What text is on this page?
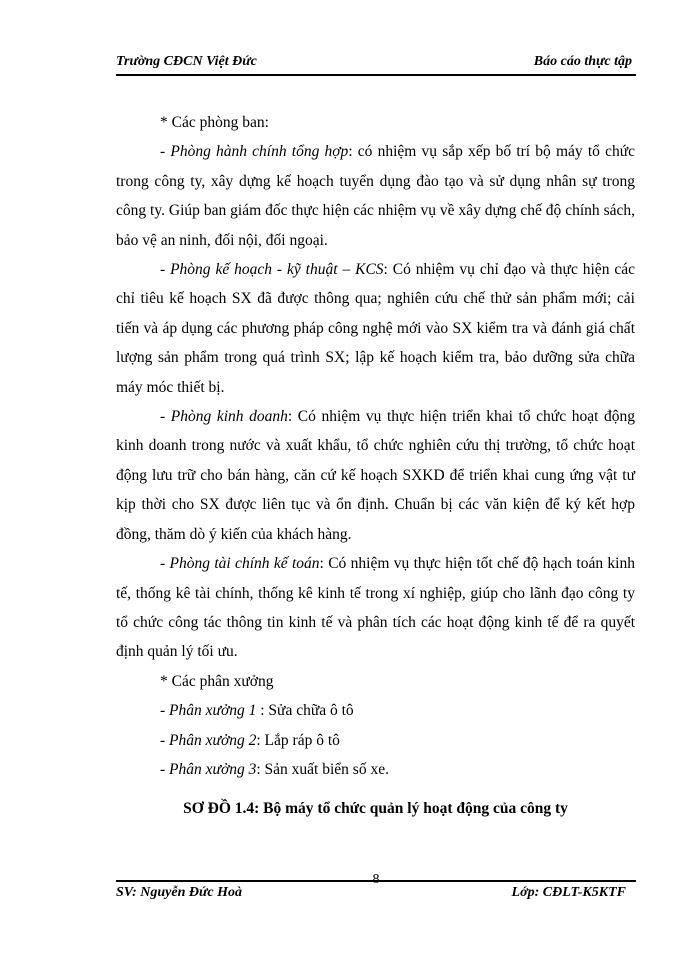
Trường CĐCN Việt Đức	Báo cáo thực tập

* Các phòng ban:

- Phòng hành chính tổng hợp: có nhiệm vụ sắp xếp bố trí bộ máy tổ chức trong công ty, xây dựng kế hoạch tuyển dụng đào tạo và sử dụng nhân sự trong công ty. Giúp ban giám đốc thực hiện các nhiệm vụ về xây dựng chế độ chính sách, bảo vệ an ninh, đối nội, đối ngoại.

- Phòng kế hoạch - kỹ thuật – KCS: Có nhiệm vụ chỉ đạo và thực hiện các chỉ tiêu kế hoạch SX đã được thông qua; nghiên cứu chế thử sản phẩm mới; cải tiến và áp dụng các phương pháp công nghệ mới vào SX kiểm tra và đánh giá chất lượng sản phẩm trong quá trình SX; lập kế hoạch kiểm tra, bảo dưỡng sửa chữa máy móc thiết bị.

- Phòng kinh doanh: Có nhiệm vụ thực hiện triển khai tổ chức hoạt động kinh doanh trong nước và xuất khẩu, tổ chức nghiên cứu thị trường, tổ chức hoạt động lưu trữ cho bán hàng, căn cứ kế hoạch SXKD để triển khai cung ứng vật tư kịp thời cho SX được liên tục và ổn định. Chuẩn bị các văn kiện để ký kết hợp đồng, thăm dò ý kiến của khách hàng.

- Phòng tài chính kế toán: Có nhiệm vụ thực hiện tốt chế độ hạch toán kinh tế, thống kê tài chính, thống kê kinh tế trong xí nghiệp, giúp cho lãnh đạo công ty tổ chức công tác thông tin kinh tế và phân tích các hoạt động kinh tế để ra quyết định quản lý tối ưu.

* Các phân xưởng

- Phân xưởng 1 : Sửa chữa ô tô

- Phân xưởng 2: Lắp ráp ô tô

- Phân xưởng 3: Sản xuất biển số xe.

SƠ ĐỒ 1.4: Bộ máy tổ chức quản lý hoạt động của công ty
SV: Nguyễn Đức Hoà
8
Lớp: CĐLT-K5KTF
